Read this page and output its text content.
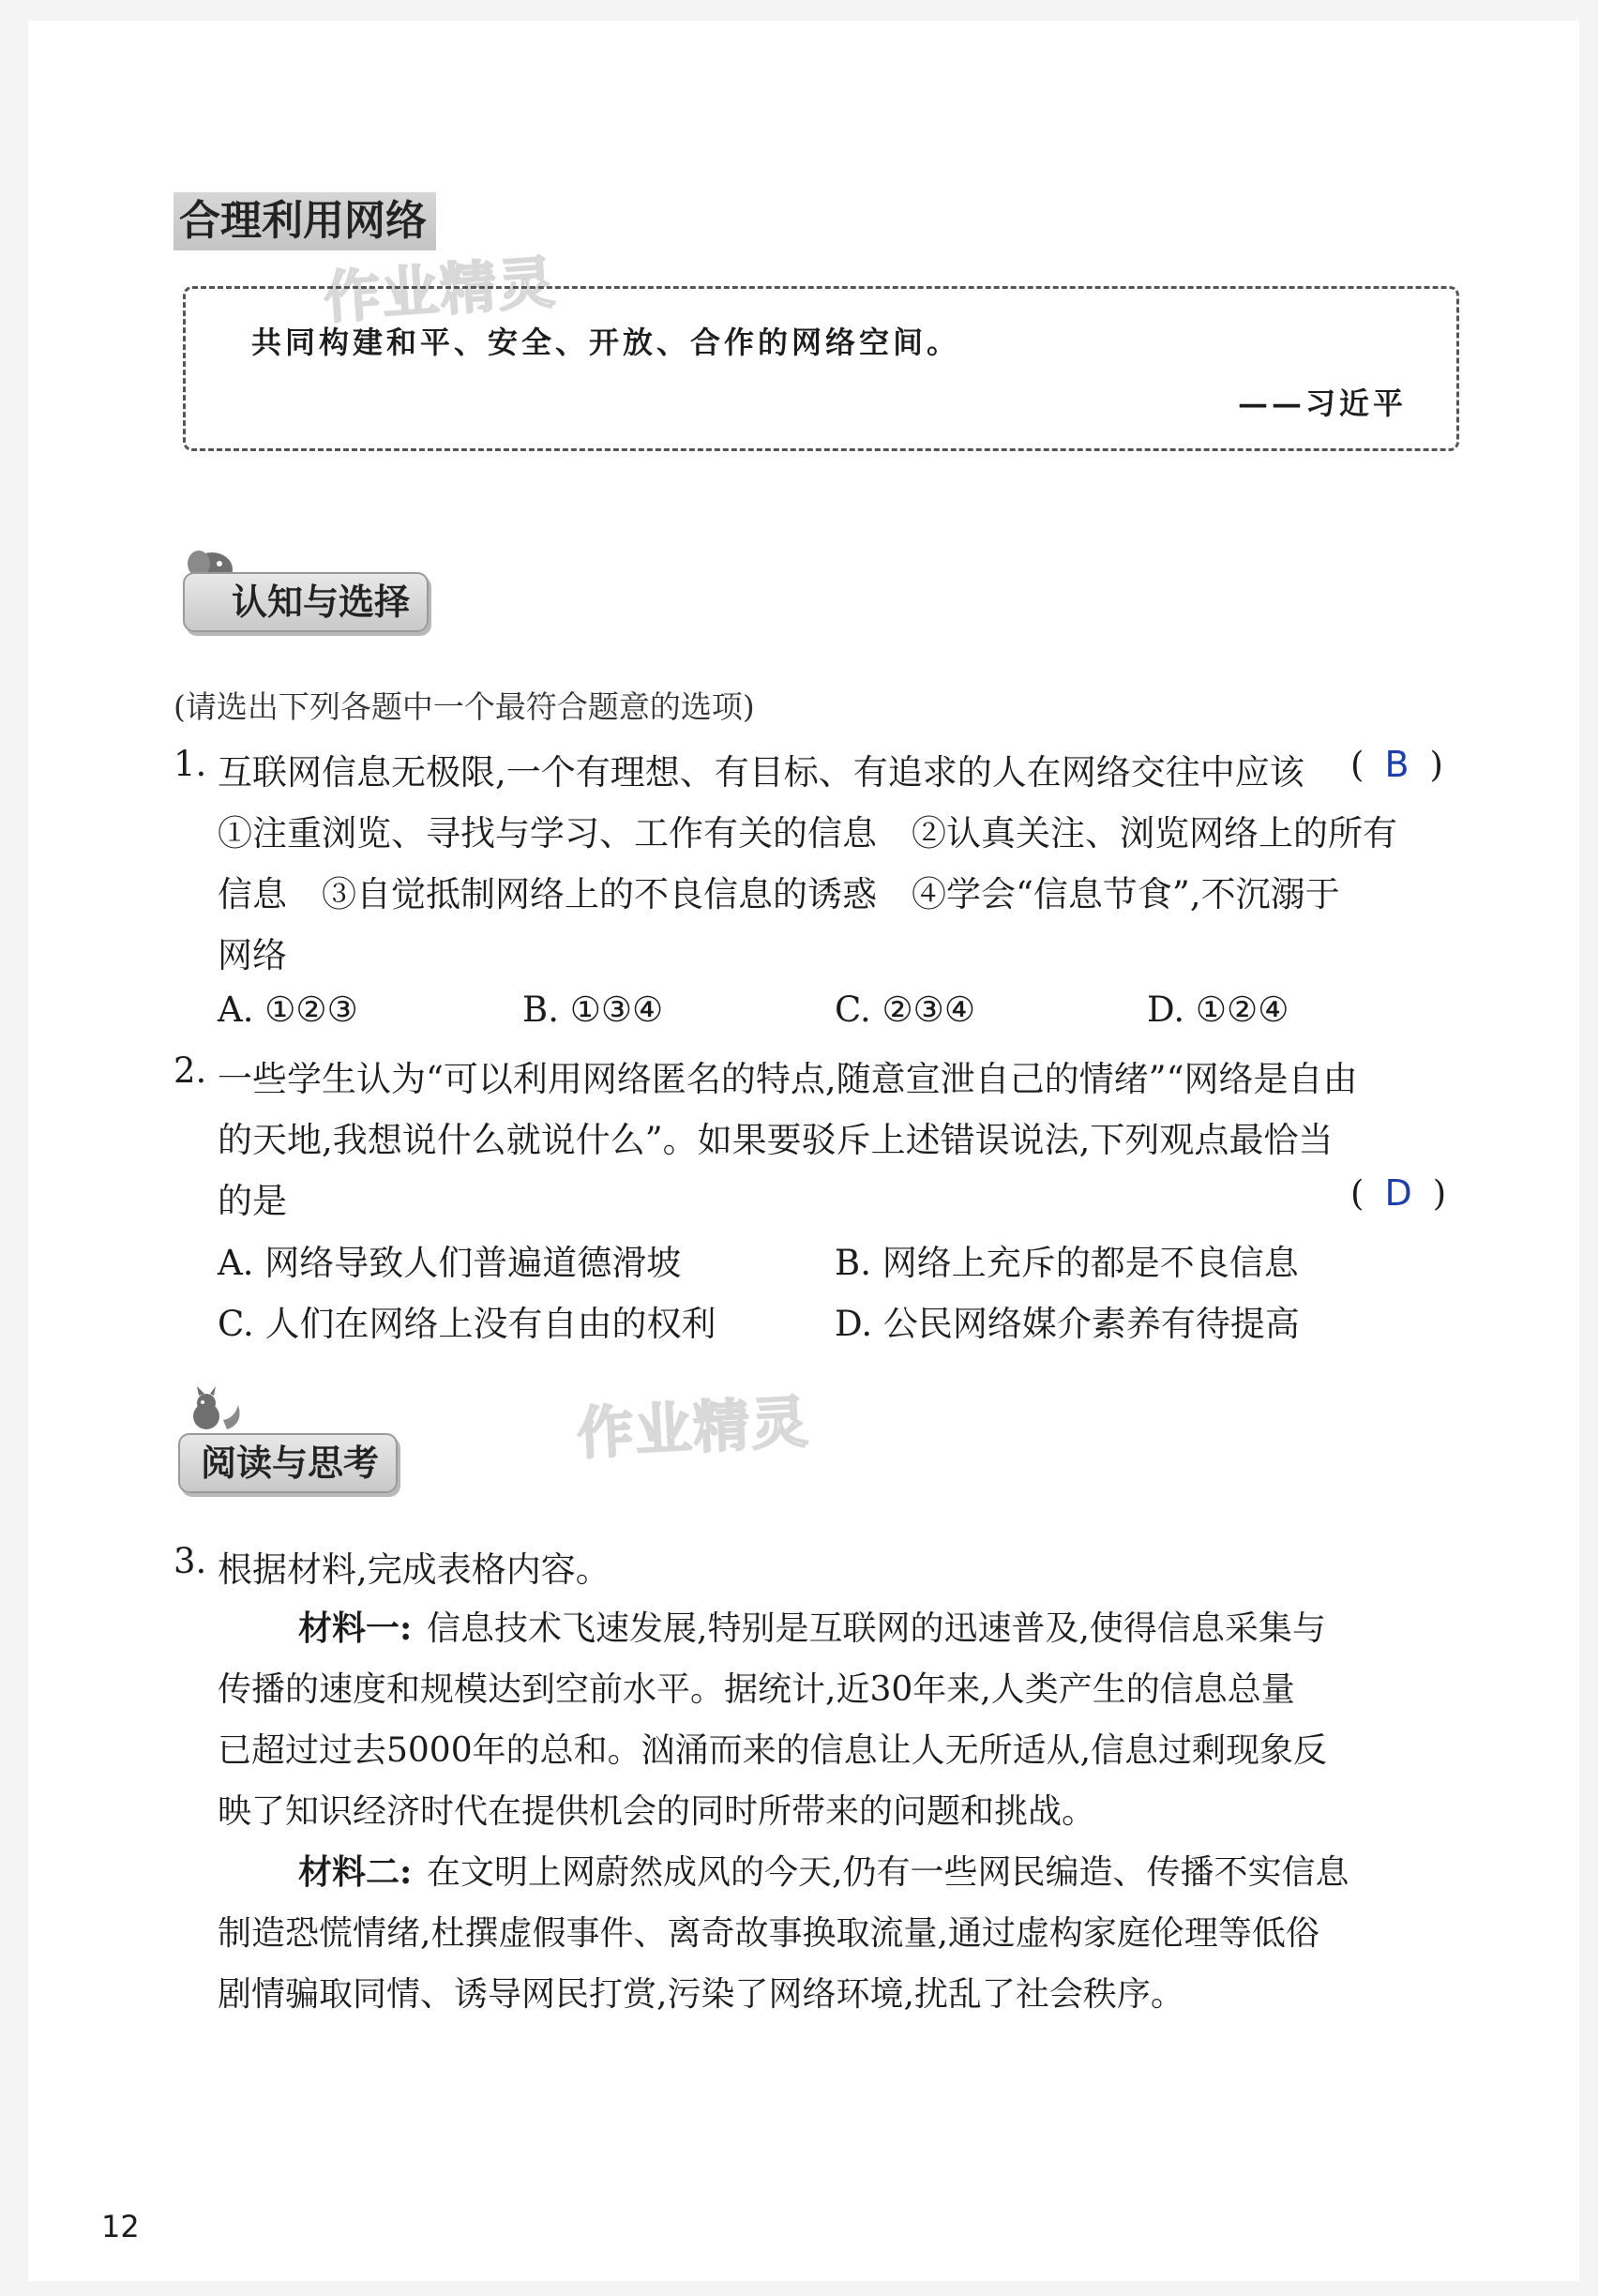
合理利用网络
作业精灵
共同构建和平、安全、开放、合作的网络空间。
——习近平
认知与选择
(请选出下列各题中一个最符合题意的选项)
1. 互联网信息无极限,一个有理想、有目标、有追求的人在网络交往中应该 ( B )
①注重浏览、寻找与学习、工作有关的信息　②认真关注、浏览网络上的所有
信息　③自觉抵制网络上的不良信息的诱惑　④学会“信息节食”,不沉溺于
网络
A. ①②③	B. ①③④	C. ②③④	D. ①②④
2. 一些学生认为“可以利用网络匿名的特点,随意宣泄自己的情绪”“网络是自由
的天地,我想说什么就说什么”。如果要驳斥上述错误说法,下列观点最恰当
的是	( D )
A. 网络导致人们普遍道德滑坡	B. 网络上充斥的都是不良信息
C. 人们在网络上没有自由的权利	D. 公民网络媒介素养有待提高
阅读与思考	作业精灵
3. 根据材料,完成表格内容。
材料一: 信息技术飞速发展,特别是互联网的迅速普及,使得信息采集与
传播的速度和规模达到空前水平。据统计,近30年来,人类产生的信息总量
已超过过去5000年的总和。汹涌而来的信息让人无所适从,信息过剩现象反
映了知识经济时代在提供机会的同时所带来的问题和挑战。
材料二: 在文明上网蔚然成风的今天,仍有一些网民编造、传播不实信息
制造恐慌情绪,杜撰虚假事件、离奇故事换取流量,通过虚构家庭伦理等低俗
剧情骗取同情、诱导网民打赏,污染了网络环境,扰乱了社会秩序。
12
